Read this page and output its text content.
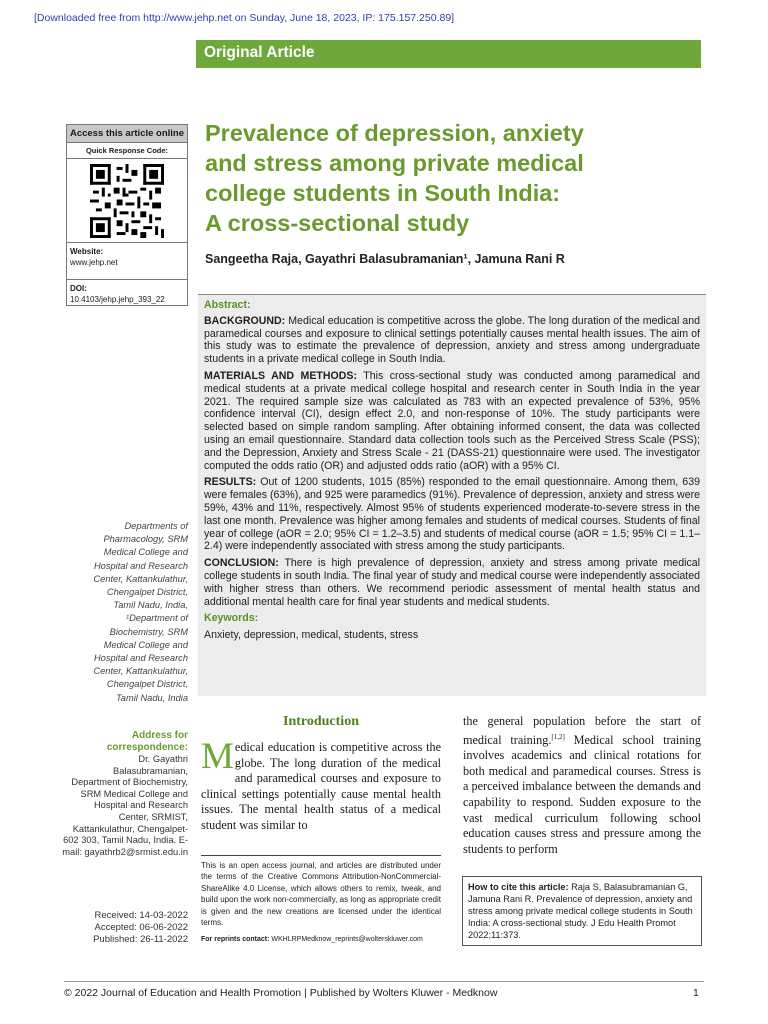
[Downloaded free from http://www.jehp.net on Sunday, June 18, 2023, IP: 175.157.250.89]
Original Article
Access this article online
Quick Response Code:
Website:
www.jehp.net
DOI:
10.4103/jehp.jehp_393_22
Prevalence of depression, anxiety
and stress among private medical
college students in South India:
A cross-sectional study
Sangeetha Raja, Gayathri Balasubramanian¹, Jamuna Rani R
Abstract:

BACKGROUND: Medical education is competitive across the globe. The long duration of the medical and paramedical courses and exposure to clinical settings potentially causes mental health issues. The aim of this study was to estimate the prevalence of depression, anxiety and stress among undergraduate students in a private medical college in South India.

MATERIALS AND METHODS: This cross-sectional study was conducted among paramedical and medical students at a private medical college hospital and research center in South India in the year 2021. The required sample size was calculated as 783 with an expected prevalence of 53%, 95% confidence interval (CI), design effect 2.0, and non-response of 10%. The study participants were selected based on simple random sampling. After obtaining informed consent, the data was collected using an email questionnaire. Standard data collection tools such as the Perceived Stress Scale (PSS); and the Depression, Anxiety and Stress Scale - 21 (DASS-21) questionnaire were used. The investigator computed the odds ratio (OR) and adjusted odds ratio (aOR) with a 95% CI.

RESULTS: Out of 1200 students, 1015 (85%) responded to the email questionnaire. Among them, 639 were females (63%), and 925 were paramedics (91%). Prevalence of depression, anxiety and stress were 59%, 43% and 11%, respectively. Almost 95% of students experienced moderate-to-severe stress in the last one month. Prevalence was higher among females and students of medical courses. Students of final year of college (aOR = 2.0; 95% CI = 1.2–3.5) and students of medical course (aOR = 1.5; 95% CI = 1.1–2.4) were independently associated with stress among the study participants.

CONCLUSION: There is high prevalence of depression, anxiety and stress among private medical college students in south India. The final year of study and medical course were independently associated with higher stress than others. We recommend periodic assessment of mental health status and additional mental health care for final year students and medical students.

Keywords:
Anxiety, depression, medical, students, stress
Departments of Pharmacology, SRM Medical College and Hospital and Research Center, Kattankulathur, Chengalpet District, Tamil Nadu, India, ¹Department of Biochemistry, SRM Medical College and Hospital and Research Center, Kattankulathur, Chengalpet District, Tamil Nadu, India
Address for correspondence:
Dr. Gayathri Balasubramanian, Department of Biochemistry, SRM Medical College and Hospital and Research Center, SRMIST, Kattankulathur, Chengalpet- 602 303, Tamil Nadu, India. E-mail: gayathrb2@srmist.edu.in
Received: 14-03-2022
Accepted: 06-06-2022
Published: 26-11-2022
Introduction
Medical education is competitive across the globe. The long duration of the medical and paramedical courses and exposure to clinical settings potentially cause mental health issues. The mental health status of a medical student was similar to
the general population before the start of medical training.[1,2] Medical school training involves academics and clinical rotations for both medical and paramedical courses. Stress is a perceived imbalance between the demands and capability to respond. Sudden exposure to the vast medical curriculum following school education causes stress and pressure among the students to perform
This is an open access journal, and articles are distributed under the terms of the Creative Commons Attribution-NonCommercial-ShareAlike 4.0 License, which allows others to remix, tweak, and build upon the work non-commercially, as long as appropriate credit is given and the new creations are licensed under the identical terms.
For reprints contact: WKHLRPMedknow_reprints@wolterskluwer.com
How to cite this article: Raja S, Balasubramanian G, Jamuna Rani R. Prevalence of depression, anxiety and stress among private medical college students in South India: A cross-sectional study. J Edu Health Promot 2022;11:373.
© 2022 Journal of Education and Health Promotion | Published by Wolters Kluwer - Medknow	1
